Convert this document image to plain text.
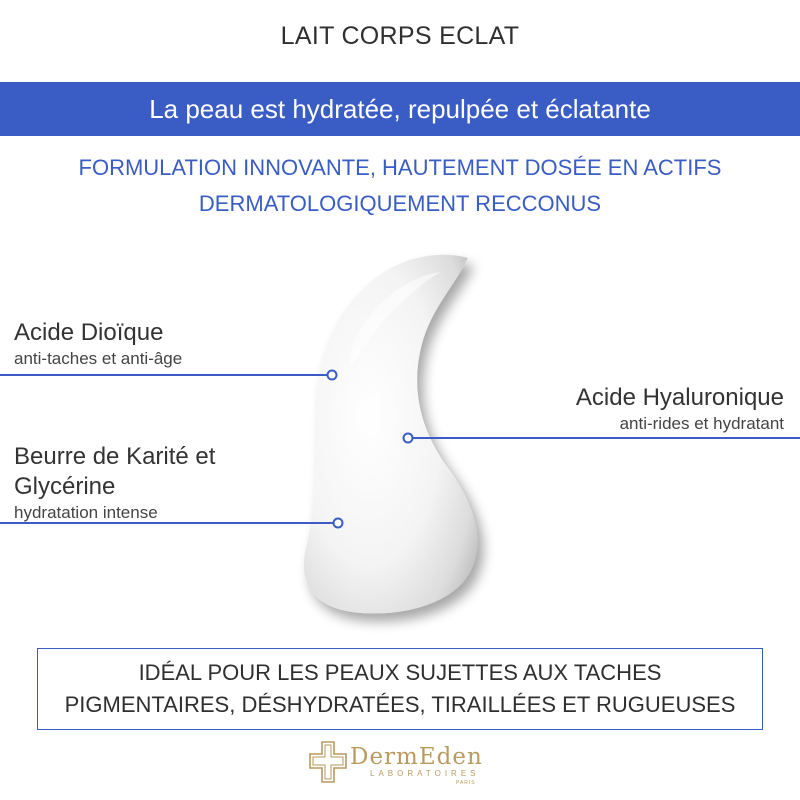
LAIT CORPS ECLAT
La peau est hydratée, repulpée et éclatante
FORMULATION INNOVANTE, HAUTEMENT DOSÉE EN ACTIFS
DERMATOLOGIQUEMENT RECCONUS
Acide Dioïque
anti-taches et anti-âge
Acide Hyaluronique
anti-rides et hydratant
Beurre de Karité et
Glycérine
hydratation intense
IDÉAL POUR LES PEAUX SUJETTES AUX TACHES
PIGMENTAIRES, DÉSHYDRATÉES, TIRAILLÉES ET RUGUEUSES
DermEden
LABORATOIRES
PARIS
